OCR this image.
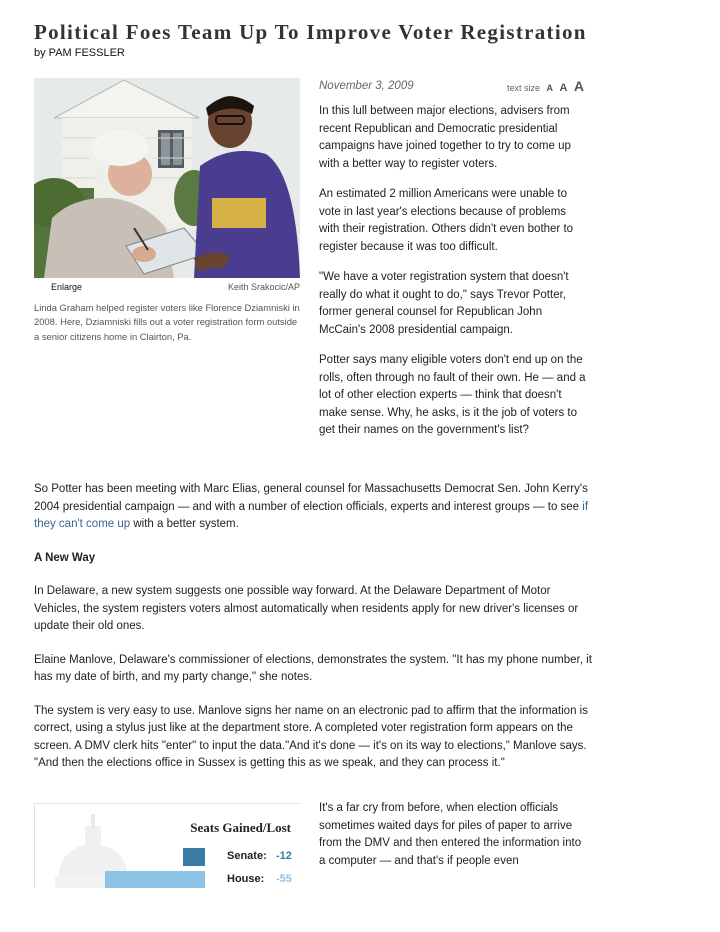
Political Foes Team Up To Improve Voter Registration
by PAM FESSLER
Enlarge	Keith Srakocic/AP
Linda Graham helped register voters like Florence Dziamniski in 2008. Here, Dziamniski fills out a voter registration form outside a senior citizens home in Clairton, Pa.
November 3, 2009	text size A A A

In this lull between major elections, advisers from recent Republican and Democratic presidential campaigns have joined together to try to come up with a better way to register voters.

An estimated 2 million Americans were unable to vote in last year's elections because of problems with their registration. Others didn't even bother to register because it was too difficult.

"We have a voter registration system that doesn't really do what it ought to do," says Trevor Potter, former general counsel for Republican John McCain's 2008 presidential campaign.

Potter says many eligible voters don't end up on the rolls, often through no fault of their own. He — and a lot of other election experts — think that doesn't make sense. Why, he asks, is it the job of voters to get their names on the government's list?

So Potter has been meeting with Marc Elias, general counsel for Massachusetts Democrat Sen. John Kerry's 2004 presidential campaign — and with a number of election officials, experts and interest groups — to see if they can't come up with a better system.

A New Way

In Delaware, a new system suggests one possible way forward. At the Delaware Department of Motor Vehicles, the system registers voters almost automatically when residents apply for new driver's licenses or update their old ones.

Elaine Manlove, Delaware's commissioner of elections, demonstrates the system. "It has my phone number, it has my date of birth, and my party change," she notes.

The system is very easy to use. Manlove signs her name on an electronic pad to affirm that the information is correct, using a stylus just like at the department store. A completed voter registration form appears on the screen. A DMV clerk hits "enter" to input the data."And it's done — it's on its way to elections," Manlove says. "And then the elections office in Sussex is getting this as we speak, and they can process it."

Seats Gained/Lost
Senate: -12
House: -55

It's a far cry from before, when election officials sometimes waited days for piles of paper to arrive from the DMV and then entered the information into a computer — and that's if people even
